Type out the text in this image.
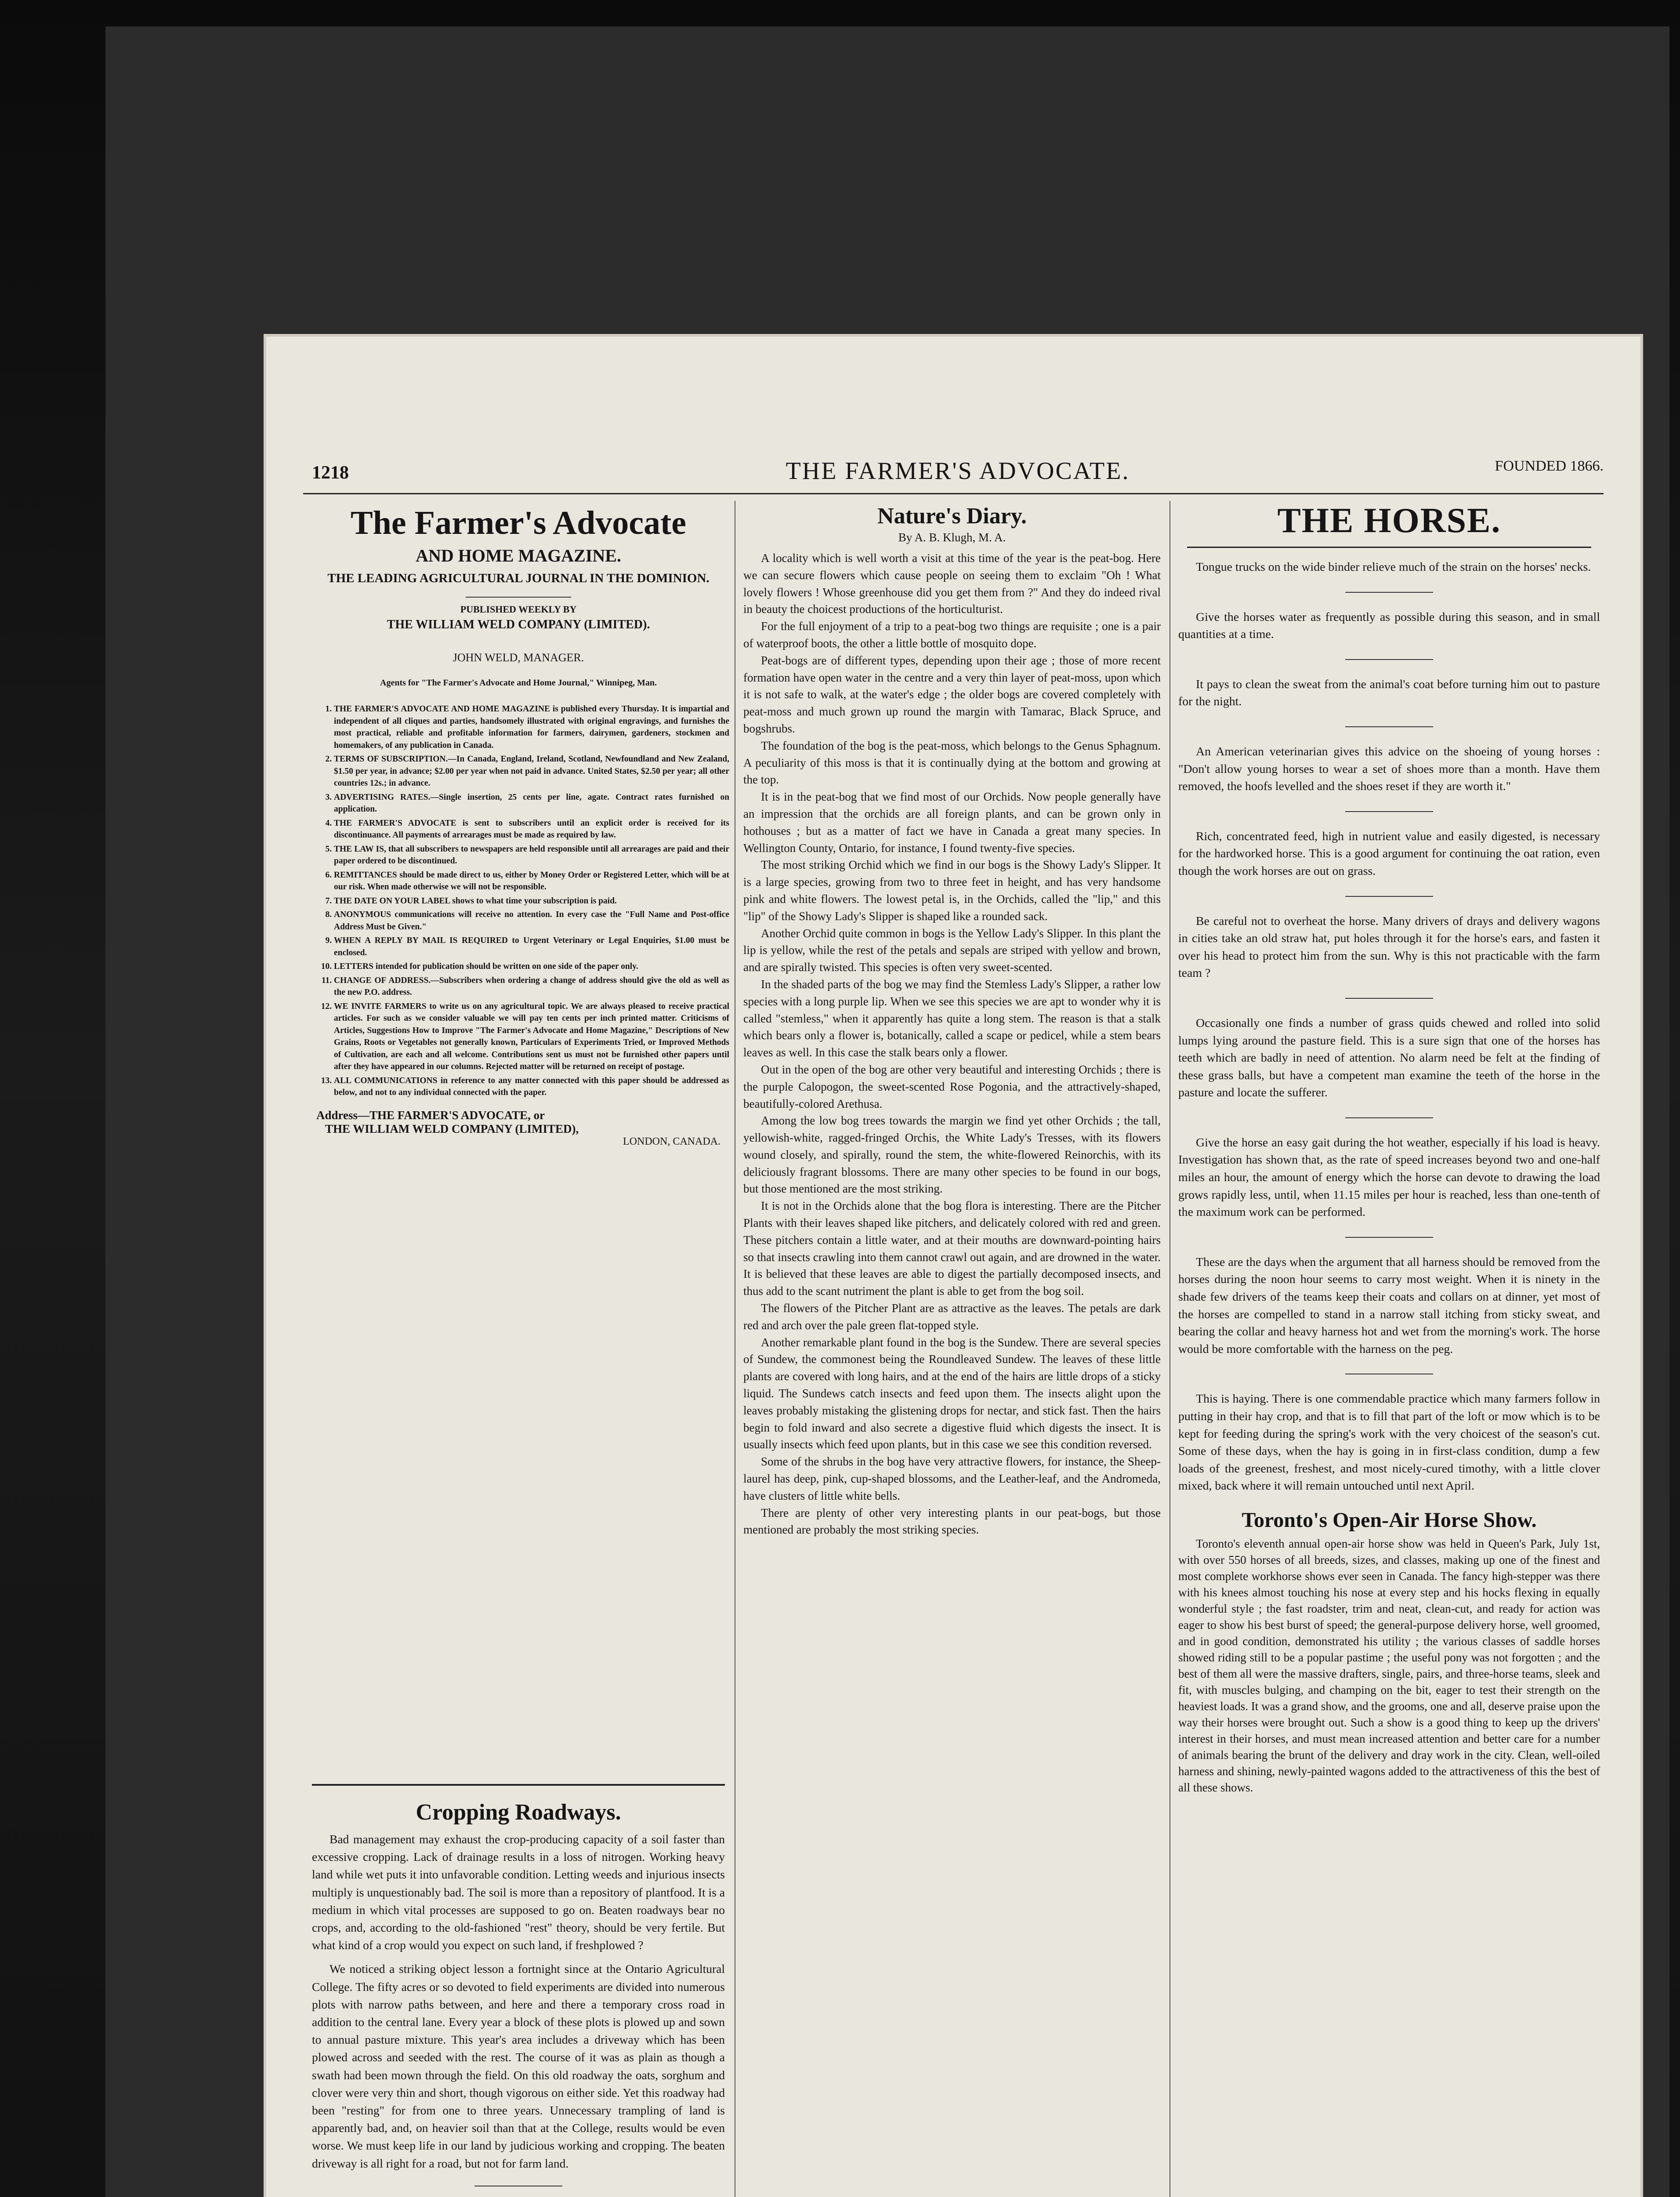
1218	THE FARMER'S ADVOCATE.	FOUNDED 1866.
The Farmer's Advocate
AND HOME MAGAZINE.
THE LEADING AGRICULTURAL JOURNAL IN THE DOMINION.
PUBLISHED WEEKLY BY
THE WILLIAM WELD COMPANY (LIMITED).
JOHN WELD, MANAGER.
Agents for "The Farmer's Advocate and Home Journal," Winnipeg, Man.
1. THE FARMER'S ADVOCATE AND HOME MAGAZINE is published every Thursday. It is impartial and independent of all cliques and parties, handsomely illustrated with original engravings, and furnishes the most practical, reliable and profitable information for farmers, dairymen, gardeners, stockmen and homemakers, of any publication in Canada.
2. TERMS OF SUBSCRIPTION.—In Canada, England, Ireland, Scotland, Newfoundland and New Zealand, $1.50 per year, in advance; $2.00 per year when not paid in advance. United States, $2.50 per year; all other countries 12s.; in advance.
3. ADVERTISING RATES.—Single insertion, 25 cents per line, agate. Contract rates furnished on application.
4. THE FARMER'S ADVOCATE is sent to subscribers until an explicit order is received for its discontinuance. All payments of arrearages must be made as required by law.
5. THE LAW IS, that all subscribers to newspapers are held responsible until all arrearages are paid and their paper ordered to be discontinued.
6. REMITTANCES should be made direct to us, either by Money Order or Registered Letter, which will be at our risk. When made otherwise we will not be responsible.
7. THE DATE ON YOUR LABEL shows to what time your subscription is paid.
8. ANONYMOUS communications will receive no attention. In every case the "Full Name and Post-office Address Must be Given."
9. WHEN A REPLY BY MAIL IS REQUIRED to Urgent Veterinary or Legal Enquiries, $1.00 must be enclosed.
10. LETTERS intended for publication should be written on one side of the paper only.
11. CHANGE OF ADDRESS.—Subscribers when ordering a change of address should give the old as well as the new P.O. address.
12. WE INVITE FARMERS to write us on any agricultural topic. We are always pleased to receive practical articles. For such as we consider valuable we will pay ten cents per inch printed matter. Criticisms of Articles, Suggestions How to Improve "The Farmer's Advocate and Home Magazine," Descriptions of New Grains, Roots or Vegetables not generally known, Particulars of Experiments Tried, or Improved Methods of Cultivation, are each and all welcome. Contributions sent us must not be furnished other papers until after they have appeared in our columns. Rejected matter will be returned on receipt of postage.
13. ALL COMMUNICATIONS in reference to any matter connected with this paper should be addressed as below, and not to any individual connected with the paper.
Address—THE FARMER'S ADVOCATE, or
THE WILLIAM WELD COMPANY (LIMITED),
LONDON, CANADA.
Cropping Roadways.

Bad management may exhaust the crop-producing capacity of a soil faster than excessive cropping. Lack of drainage results in a loss of nitrogen. Working heavy land while wet puts it into unfavorable condition. Letting weeds and injurious insects multiply is unquestionably bad. The soil is more than a repository of plantfood. It is a medium in which vital processes are supposed to go on. Beaten roadways bear no crops, and, according to the old-fashioned "rest" theory, should be very fertile. But what kind of a crop would you expect on such land, if freshplowed ?

We noticed a striking object lesson a fortnight since at the Ontario Agricultural College. The fifty acres or so devoted to field experiments are divided into numerous plots with narrow paths between, and here and there a temporary cross road in addition to the central lane. Every year a block of these plots is plowed up and sown to annual pasture mixture. This year's area includes a driveway which has been plowed across and seeded with the rest. The course of it was as plain as though a swath had been mown through the field. On this old roadway the oats, sorghum and clover were very thin and short, though vigorous on either side. Yet this roadway had been "resting" for from one to three years. Unnecessary trampling of land is apparently bad, and, on heavier soil than that at the College, results would be even worse. We must keep life in our land by judicious working and cropping. The beaten driveway is all right for a road, but not for farm land.

Nature's Diary.
By A. B. Klugh, M. A.

A locality which is well worth a visit at this time of the year is the peat-bog. Here we can secure flowers which cause people on seeing them to exclaim "Oh ! What lovely flowers ! Whose greenhouse did you get them from ?" And they do indeed rival in beauty the choicest productions of the horticulturist.

For the full enjoyment of a trip to a peat-bog two things are requisite ; one is a pair of waterproof boots, the other a little bottle of mosquito dope.

Peat-bogs are of different types, depending upon their age ; those of more recent formation have open water in the centre and a very thin layer of peat-moss, upon which it is not safe to walk, at the water's edge ; the older bogs are covered completely with peat-moss and much grown up round the margin with Tamarac, Black Spruce, and bogshrubs.

The foundation of the bog is the peat-moss, which belongs to the Genus Sphagnum. A peculiarity of this moss is that it is continually dying at the bottom and growing at the top.

It is in the peat-bog that we find most of our Orchids. Now people generally have an impression that the orchids are all foreign plants, and can be grown only in hothouses ; but as a matter of fact we have in Canada a great many species. In Wellington County, Ontario, for instance, I found twenty-five species.

The most striking Orchid which we find in our bogs is the Showy Lady's Slipper. It is a large species, growing from two to three feet in height, and has very handsome pink and white flowers. The lowest petal is, in the Orchids, called the "lip," and this "lip" of the Showy Lady's Slipper is shaped like a rounded sack.

Another Orchid quite common in bogs is the Yellow Lady's Slipper. In this plant the lip is yellow, while the rest of the petals and sepals are striped with yellow and brown, and are spirally twisted. This species is often very sweet-scented.

In the shaded parts of the bog we may find the Stemless Lady's Slipper, a rather low species with a long purple lip. When we see this species we are apt to wonder why it is called "stemless," when it apparently has quite a long stem. The reason is that a stalk which bears only a flower is, botanically, called a scape or pedicel, while a stem bears leaves as well. In this case the stalk bears only a flower.

Out in the open of the bog are other very beautiful and interesting Orchids ; there is the purple Calopogon, the sweet-scented Rose Pogonia, and the attractively-shaped, beautifully-colored Arethusa.

Among the low bog trees towards the margin we find yet other Orchids ; the tall, yellowish-white, ragged-fringed Orchis, the White Lady's Tresses, with its flowers wound closely, and spirally, round the stem, the white-flowered Reinorchis, with its deliciously fragrant blossoms. There are many other species to be found in our bogs, but those mentioned are the most striking.

It is not in the Orchids alone that the bog flora is interesting. There are the Pitcher Plants with their leaves shaped like pitchers, and delicately colored with red and green. These pitchers contain a little water, and at their mouths are downward-pointing hairs so that insects crawling into them cannot crawl out again, and are drowned in the water. It is believed that these leaves are able to digest the partially decomposed insects, and thus add to the scant nutriment the plant is able to get from the bog soil.

The flowers of the Pitcher Plant are as attractive as the leaves. The petals are dark red and arch over the pale green flat-topped style.

Another remarkable plant found in the bog is the Sundew. There are several species of Sundew, the commonest being the Roundleaved Sundew. The leaves of these little plants are covered with long hairs, and at the end of the hairs are little drops of a sticky liquid. The Sundews catch insects and feed upon them. The insects alight upon the leaves probably mistaking the glistening drops for nectar, and stick fast. Then the hairs begin to fold inward and also secrete a digestive fluid which digests the insect. It is usually insects which feed upon plants, but in this case we see this condition reversed.

Some of the shrubs in the bog have very attractive flowers, for instance, the Sheep-laurel has deep, pink, cup-shaped blossoms, and the Leather-leaf, and the Andromeda, have clusters of little white bells.

There are plenty of other very interesting plants in our peat-bogs, but those mentioned are probably the most striking species.

THE HORSE.

Tongue trucks on the wide binder relieve much of the strain on the horses' necks.

Give the horses water as frequently as possible during this season, and in small quantities at a time.

It pays to clean the sweat from the animal's coat before turning him out to pasture for the night.

An American veterinarian gives this advice on the shoeing of young horses : "Don't allow young horses to wear a set of shoes more than a month. Have them removed, the hoofs levelled and the shoes reset if they are worth it."

Rich, concentrated feed, high in nutrient value and easily digested, is necessary for the hardworked horse. This is a good argument for continuing the oat ration, even though the work horses are out on grass.

Be careful not to overheat the horse. Many drivers of drays and delivery wagons in cities take an old straw hat, put holes through it for the horse's ears, and fasten it over his head to protect him from the sun. Why is this not practicable with the farm team ?

Occasionally one finds a number of grass quids chewed and rolled into solid lumps lying around the pasture field. This is a sure sign that one of the horses has teeth which are badly in need of attention. No alarm need be felt at the finding of these grass balls, but have a competent man examine the teeth of the horse in the pasture and locate the sufferer.

Give the horse an easy gait during the hot weather, especially if his load is heavy. Investigation has shown that, as the rate of speed increases beyond two and one-half miles an hour, the amount of energy which the horse can devote to drawing the load grows rapidly less, until, when 11.15 miles per hour is reached, less than one-tenth of the maximum work can be performed.

These are the days when the argument that all harness should be removed from the horses during the noon hour seems to carry most weight. When it is ninety in the shade few drivers of the teams keep their coats and collars on at dinner, yet most of the horses are compelled to stand in a narrow stall itching from sticky sweat, and bearing the collar and heavy harness hot and wet from the morning's work. The horse would be more comfortable with the harness on the peg.

This is haying. There is one commendable practice which many farmers follow in putting in their hay crop, and that is to fill that part of the loft or mow which is to be kept for feeding during the spring's work with the very choicest of the season's cut. Some of these days, when the hay is going in in first-class condition, dump a few loads of the greenest, freshest, and most nicely-cured timothy, with a little clover mixed, back where it will remain untouched until next April.

Toronto's Open-Air Horse Show.
Toronto's eleventh annual open-air horse show was held in Queen's Park, July 1st, with over 550 horses of all breeds, sizes, and classes, making up one of the finest and most complete workhorse shows ever seen in Canada. The fancy high-stepper was there with his knees almost touching his nose at every step and his hocks flexing in equally wonderful style ; the fast roadster, trim and neat, clean-cut, and ready for action was eager to show his best burst of speed; the general-purpose delivery horse, well groomed, and in good condition, demonstrated his utility ; the various classes of saddle horses showed riding still to be a popular pastime ; the useful pony was not forgotten ; and the best of them all were the massive drafters, single, pairs, and three-horse teams, sleek and fit, with muscles bulging, and champing on the bit, eager to test their strength on the heaviest loads. It was a grand show, and the grooms, one and all, deserve praise upon the way their horses were brought out. Such a show is a good thing to keep up the drivers' interest in their horses, and must mean increased attention and better care for a number of animals bearing the brunt of the delivery and dray work in the city. Clean, well-oiled harness and shining, newly-painted wagons added to the attractiveness of this the best of all these shows.
